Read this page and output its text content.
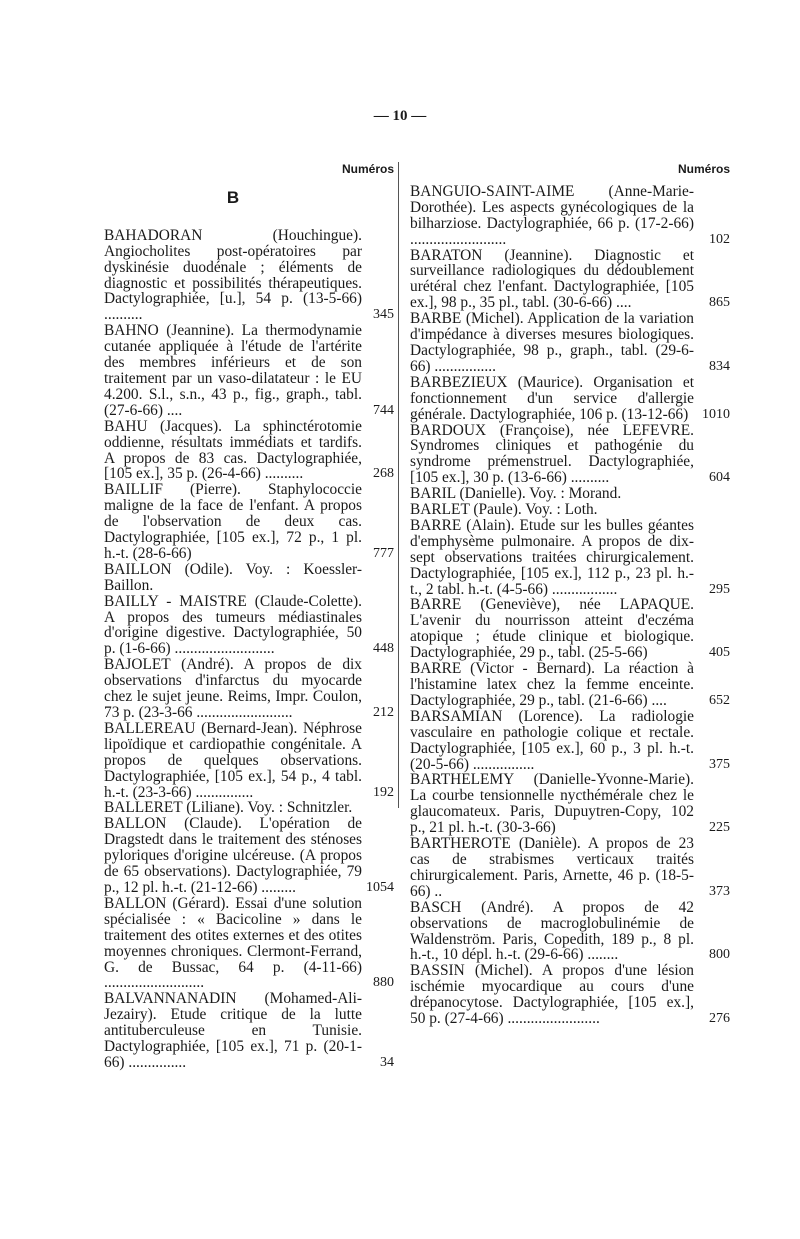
— 10 —
Numéros
B
BAHADORAN (Houchingue). Angiocholites post-opératoires par dyskinésie duodénale ; éléments de diagnostic et possibilités thérapeutiques. Dactylographiée, [u.], 54 p. (13-5-66) ..........	345
BAHNO (Jeannine). La thermodynamie cutanée appliquée à l'étude de l'artérite des membres inférieurs et de son traitement par un vaso-dilatateur : le EU 4.200. S.l., s.n., 43 p., fig., graph., tabl. (27-6-66) ....	744
BAHU (Jacques). La sphinctérotomie oddienne, résultats immédiats et tardifs. A propos de 83 cas. Dactylographiée, [105 ex.], 35 p. (26-4-66) ..........	268
BAILLIF (Pierre). Staphylococcie maligne de la face de l'enfant. A propos de l'observation de deux cas. Dactylographiée, [105 ex.], 72 p., 1 pl. h.-t. (28-6-66)	777
BAILLON (Odile). Voy. : Koessler-Baillon.
BAILLY - MAISTRE (Claude-Colette). A propos des tumeurs médiastinales d'origine digestive. Dactylographiée, 50 p. (1-6-66) ..........................	448
BAJOLET (André). A propos de dix observations d'infarctus du myocarde chez le sujet jeune. Reims, Impr. Coulon, 73 p. (23-3-66 .........................	212
BALLEREAU (Bernard-Jean). Néphrose lipoïdique et cardiopathie congénitale. A propos de quelques observations. Dactylographiée, [105 ex.], 54 p., 4 tabl. h.-t. (23-3-66) ...............	192
BALLERET (Liliane). Voy. : Schnitzler.
BALLON (Claude). L'opération de Dragstedt dans le traitement des sténoses pyloriques d'origine ulcéreuse. (A propos de 65 observations). Dactylographiée, 79 p., 12 pl. h.-t. (21-12-66) .........	1054
BALLON (Gérard). Essai d'une solution spécialisée : « Bacicoline » dans le traitement des otites externes et des otites moyennes chroniques. Clermont-Ferrand, G. de Bussac, 64 p. (4-11-66) ..........................	880
BALVANNANADIN (Mohamed-Ali-Jezairy). Etude critique de la lutte antituberculeuse en Tunisie. Dactylographiée, [105 ex.], 71 p. (20-1-66) ...............	34
Numéros
BANGUIO-SAINT-AIME (Anne-Marie-Dorothée). Les aspects gynécologiques de la bilharziose. Dactylographiée, 66 p. (17-2-66) .........................	102
BARATON (Jeannine). Diagnostic et surveillance radiologiques du dédoublement urétéral chez l'enfant. Dactylographiée, [105 ex.], 98 p., 35 pl., tabl. (30-6-66) ....	865
BARBE (Michel). Application de la variation d'impédance à diverses mesures biologiques. Dactylographiée, 98 p., graph., tabl. (29-6-66) ................	834
BARBEZIEUX (Maurice). Organisation et fonctionnement d'un service d'allergie générale. Dactylographiée, 106 p. (13-12-66) 1010
BARDOUX (Françoise), née LEFEVRE. Syndromes cliniques et pathogénie du syndrome prémenstruel. Dactylographiée, [105 ex.], 30 p. (13-6-66) ..........	604
BARIL (Danielle). Voy. : Morand.
BARLET (Paule). Voy. : Loth.
BARRE (Alain). Etude sur les bulles géantes d'emphysème pulmonaire. A propos de dix-sept observations traitées chirurgicalement. Dactylographiée, [105 ex.], 112 p., 23 pl. h.-t., 2 tabl. h.-t. (4-5-66) .................	295
BARRE (Geneviève), née LAPAQUE. L'avenir du nourrisson atteint d'eczéma atopique ; étude clinique et biologique. Dactylographiée, 29 p., tabl. (25-5-66)	405
BARRE (Victor - Bernard). La réaction à l'histamine latex chez la femme enceinte. Dactylographiée, 29 p., tabl. (21-6-66) ....	652
BARSAMIAN (Lorence). La radiologie vasculaire en pathologie colique et rectale. Dactylographiée, [105 ex.], 60 p., 3 pl. h.-t. (20-5-66) ................	375
BARTHELEMY (Danielle-Yvonne-Marie). La courbe tensionnelle nycthémérale chez le glaucomateux. Paris, Dupuytren-Copy, 102 p., 21 pl. h.-t. (30-3-66)	225
BARTHEROTE (Danièle). A propos de 23 cas de strabismes verticaux traités chirurgicalement. Paris, Arnette, 46 p. (18-5-66) ..	373
BASCH (André). A propos de 42 observations de macroglobulinémie de Waldenström. Paris, Copedith, 189 p., 8 pl. h.-t., 10 dépl. h.-t. (29-6-66) ........	800
BASSIN (Michel). A propos d'une lésion ischémie myocardique au cours d'une drépanocytose. Dactylographiée, [105 ex.], 50 p. (27-4-66) ........................	276
